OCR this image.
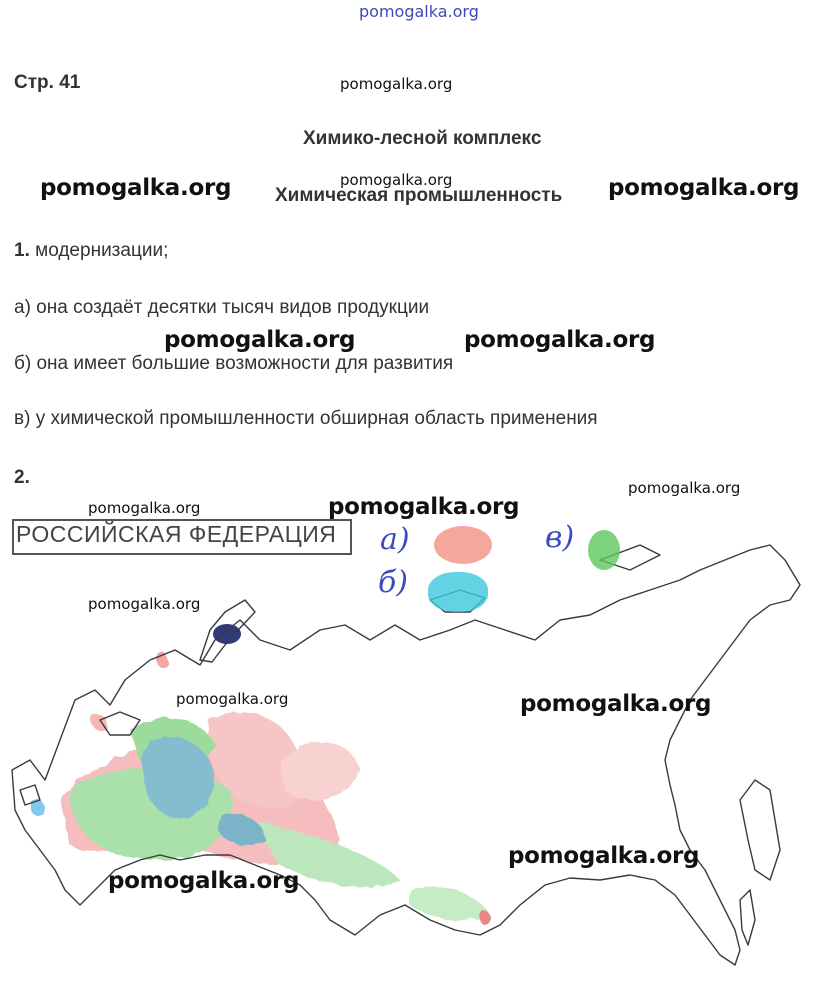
pomogalka.org
Стр. 41	pomogalka.org
Химико-лесной комплекс
pomogalka.org
Химическая промышленность
pomogalka.org	pomogalka.org
1. модернизации;
а) она создаёт десятки тысяч видов продукции
pomogalka.org	pomogalka.org
б) она имеет большие возможности для развития
в) у химической промышленности обширная область применения
2.
РОССИЙСКАЯ ФЕДЕРАЦИЯ а)
б)
в)
pomogalka.org	pomogalka.org
pomogalka.org
pomogalka.org
pomogalka.org	pomogalka.org
pomogalka.org
pomogalka.org
